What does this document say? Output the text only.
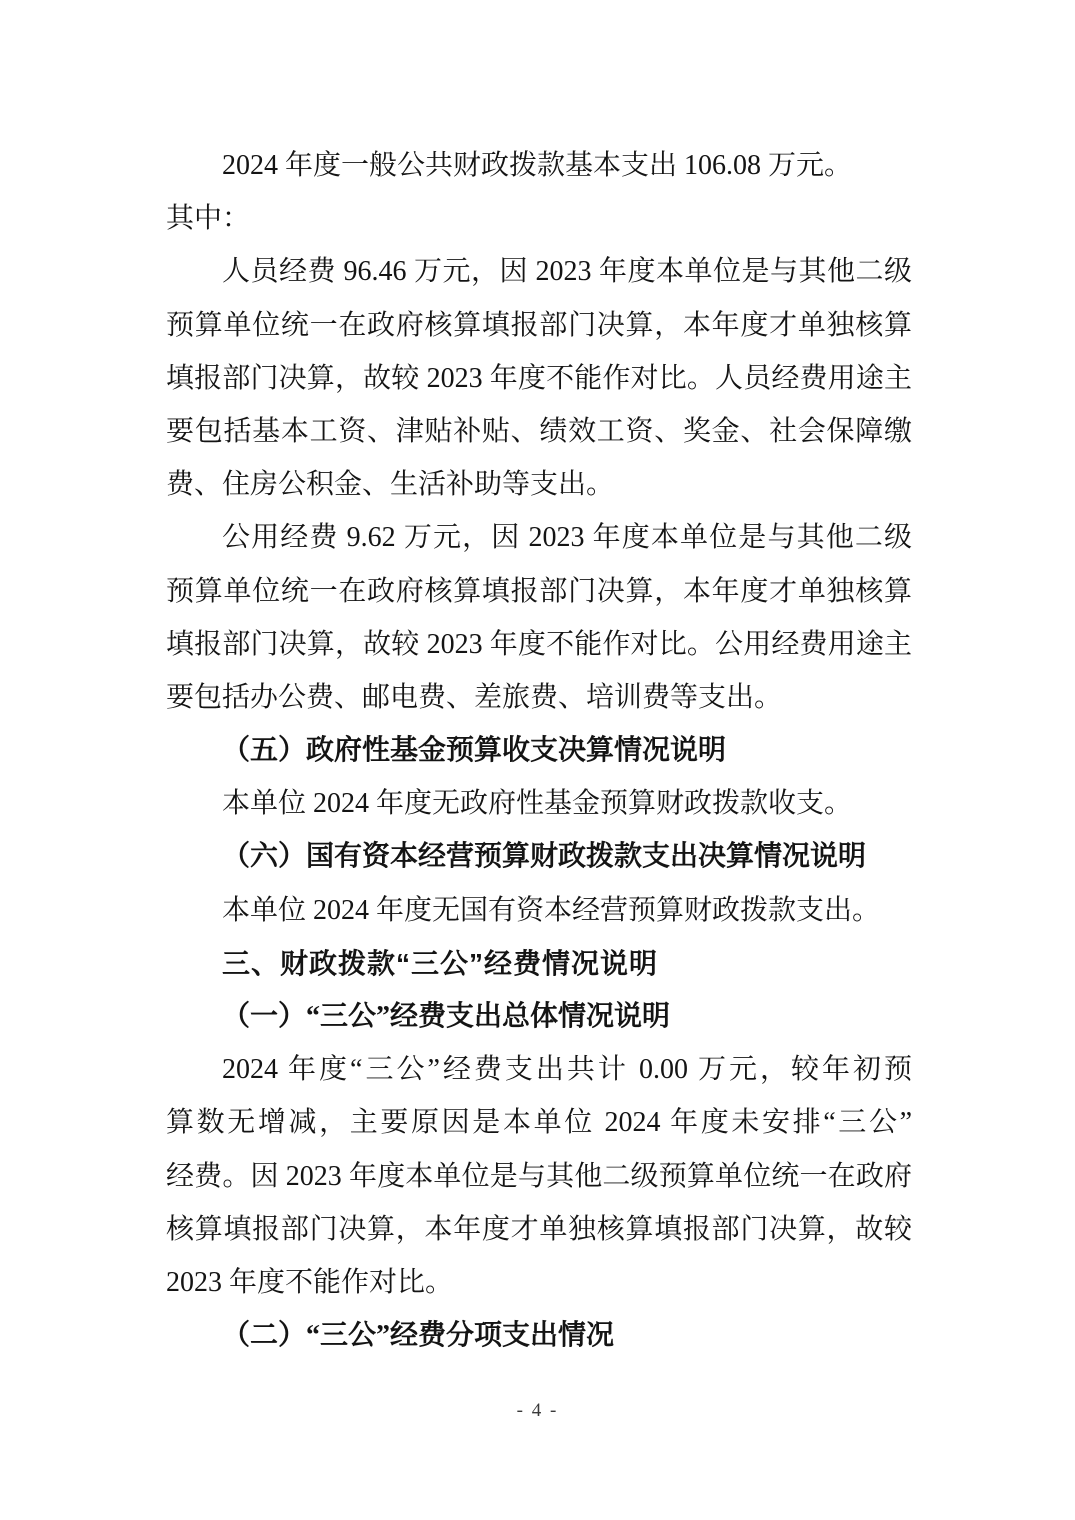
2024 年度一般公共财政拨款基本支出 106.08 万元。
其中：
人员经费 96.46 万元，因 2023 年度本单位是与其他二级
预算单位统一在政府核算填报部门决算，本年度才单独核算
填报部门决算，故较 2023 年度不能作对比。人员经费用途主
要包括基本工资、津贴补贴、绩效工资、奖金、社会保障缴
费、住房公积金、生活补助等支出。
公用经费 9.62 万元，因 2023 年度本单位是与其他二级
预算单位统一在政府核算填报部门决算，本年度才单独核算
填报部门决算，故较 2023 年度不能作对比。公用经费用途主
要包括办公费、邮电费、差旅费、培训费等支出。
（五）政府性基金预算收支决算情况说明
本单位 2024 年度无政府性基金预算财政拨款收支。
（六）国有资本经营预算财政拨款支出决算情况说明
本单位 2024 年度无国有资本经营预算财政拨款支出。
三、财政拨款“三公”经费情况说明
（一）“三公”经费支出总体情况说明
2024 年度“三公”经费支出共计 0.00 万元，较年初预
算数无增减，主要原因是本单位 2024 年度未安排“三公”
经费。因 2023 年度本单位是与其他二级预算单位统一在政府
核算填报部门决算，本年度才单独核算填报部门决算，故较
2023 年度不能作对比。
（二）“三公”经费分项支出情况
- 4 -
